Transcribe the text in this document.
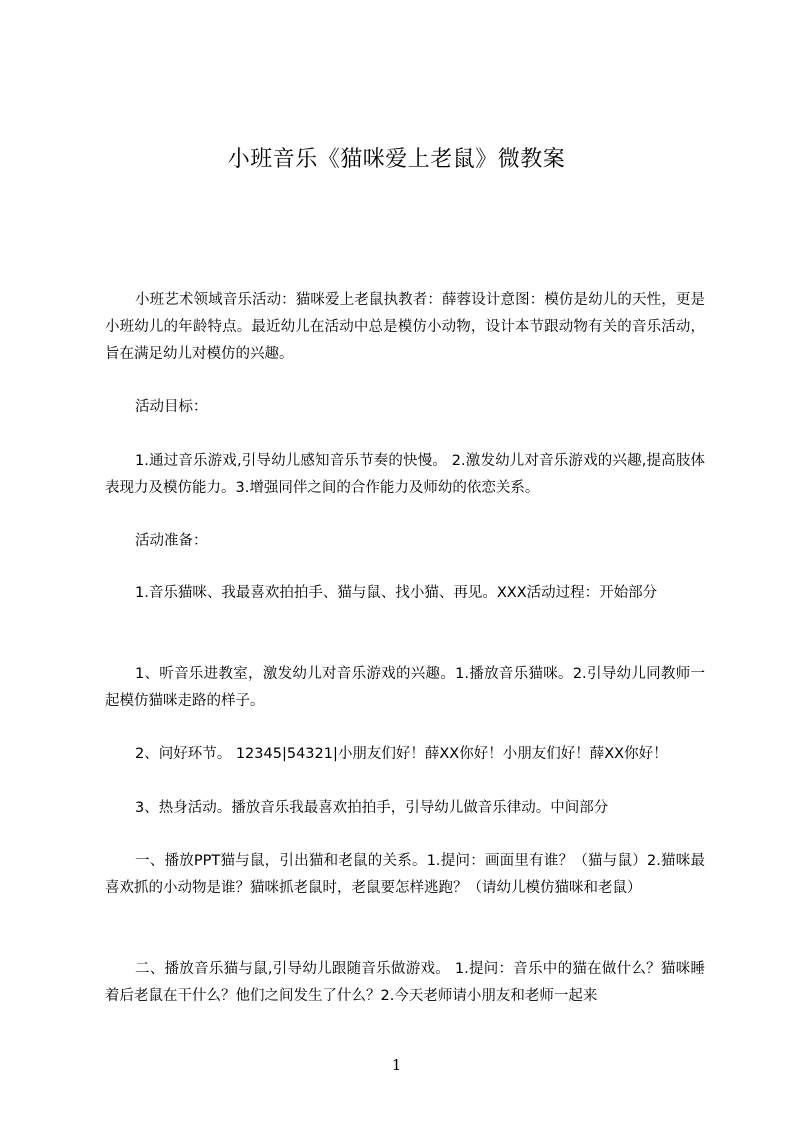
小班音乐《猫咪爱上老鼠》微教案
小班艺术领域音乐活动：猫咪爱上老鼠执教者：薛蓉设计意图：模仿是幼儿的天性，更是小班幼儿的年龄特点。最近幼儿在活动中总是模仿小动物，设计本节跟动物有关的音乐活动，旨在满足幼儿对模仿的兴趣。
活动目标：
1.通过音乐游戏,引导幼儿感知音乐节奏的快慢。 2.激发幼儿对音乐游戏的兴趣,提高肢体表现力及模仿能力。3.增强同伴之间的合作能力及师幼的依恋关系。
活动准备：
1.音乐猫咪、我最喜欢拍拍手、猫与鼠、找小猫、再见。XXX活动过程：开始部分
1、听音乐进教室，激发幼儿对音乐游戏的兴趣。1.播放音乐猫咪。2.引导幼儿同教师一起模仿猫咪走路的样子。
2、问好环节。 12345|54321|小朋友们好！薛XX你好！小朋友们好！薛XX你好！
3、热身活动。播放音乐我最喜欢拍拍手，引导幼儿做音乐律动。中间部分
一、播放PPT猫与鼠，引出猫和老鼠的关系。1.提问：画面里有谁？（猫与鼠）2.猫咪最喜欢抓的小动物是谁？猫咪抓老鼠时，老鼠要怎样逃跑？（请幼儿模仿猫咪和老鼠）
二、播放音乐猫与鼠,引导幼儿跟随音乐做游戏。 1.提问：音乐中的猫在做什么？猫咪睡着后老鼠在干什么？他们之间发生了什么？2.今天老师请小朋友和老师一起来
1
